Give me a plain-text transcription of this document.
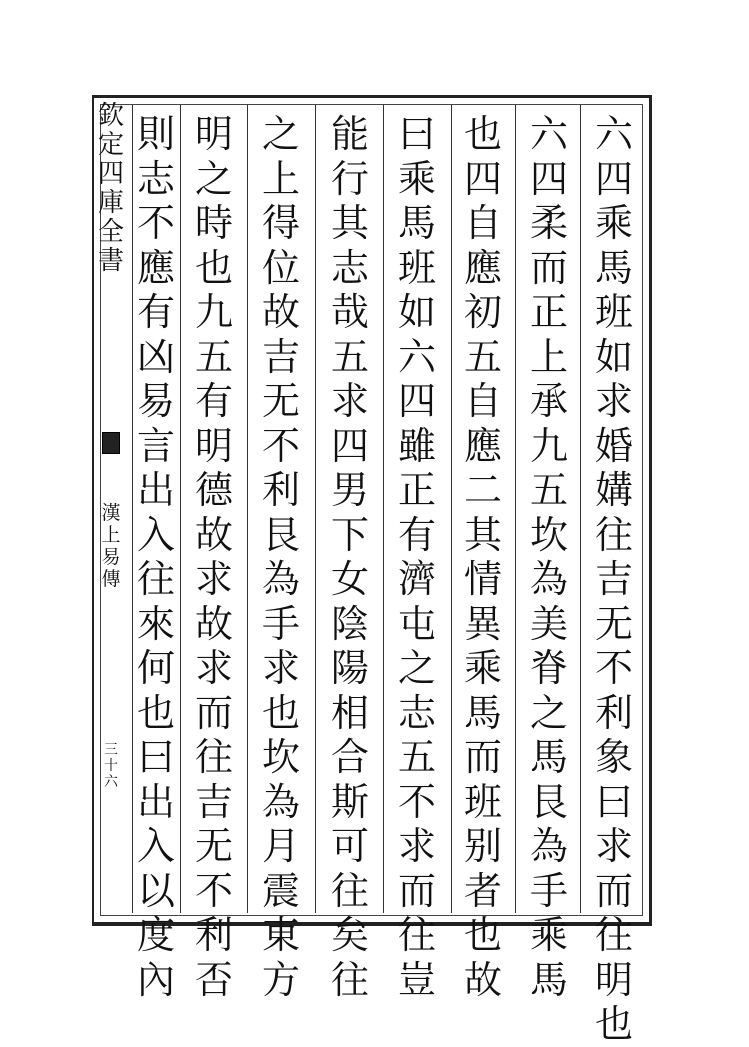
欽定四庫全書
漢上易傳
三十六
六四乘馬班如求婚媾往吉无不利象曰求而往明也
六四柔而正上承九五坎為美脊之馬艮為手乘馬
也四自應初五自應二其情異乘馬而班别者也故
曰乘馬班如六四雖正有濟屯之志五不求而往豈
能行其志哉五求四男下女陰陽相合斯可往矣往
之上得位故吉无不利艮為手求也坎為月震東方
明之時也九五有明德故求故求而往吉无不利否
則志不應有凶易言出入往來何也曰出入以度內
